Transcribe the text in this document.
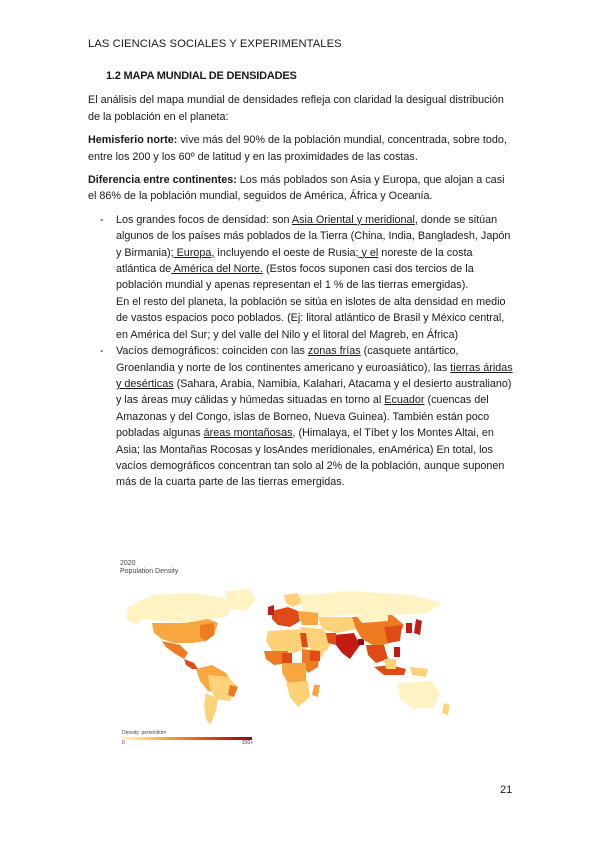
LAS CIENCIAS SOCIALES Y EXPERIMENTALES
1.2 MAPA MUNDIAL DE DENSIDADES

El análisis del mapa mundial de densidades refleja con claridad la desigual distribución de la población en el planeta:

Hemisferio norte: vive más del 90% de la población mundial, concentrada, sobre todo, entre los 200 y los 60º de latitud y en las proximidades de las costas.

Diferencia entre continentes: Los más poblados son Asia y Europa, que alojan a casi el 86% de la población mundial, seguidos de América, África y Oceanía.

- Los grandes focos de densidad: son Asia Oriental y meridional, donde se sitúan algunos de los países más poblados de la Tierra (China, India, Bangladesh, Japón y Birmania); Europa, incluyendo el oeste de Rusia; y el noreste de la costa atlántica de América del Norte. (Estos focos suponen casi dos tercios de la población mundial y apenas representan el 1 % de las tierras emergidas).
En el resto del planeta, la población se sitúa en islotes de alta densidad en medio de vastos espacios poco poblados. (Ej: litoral atlántico de Brasil y México central, en América del Sur; y del valle del Nilo y el litoral del Magreb, en África)
- Vacíos demográficos: coinciden con las zonas frías (casquete antártico, Groenlandia y norte de los continentes americano y euroasiático), las tierras áridas y desérticas (Sahara, Arabia, Namibia, Kalahari, Atacama y el desierto australiano) y las áreas muy cálidas y húmedas situadas en torno al Ecuador (cuencas del Amazonas y del Congo, islas de Borneo, Nueva Guinea). También están poco pobladas algunas áreas montañosas, (Himalaya, el Tíbet y los Montes Altai, en Asia; las Montañas Rocosas y losAndes meridionales, enAmérica) En total, los vacíos demográficos concentran tan solo al 2% de la población, aunque suponen más de la cuarta parte de las tierras emergidas.
2020
Population Density
Density: person/km²
0	330+
21
